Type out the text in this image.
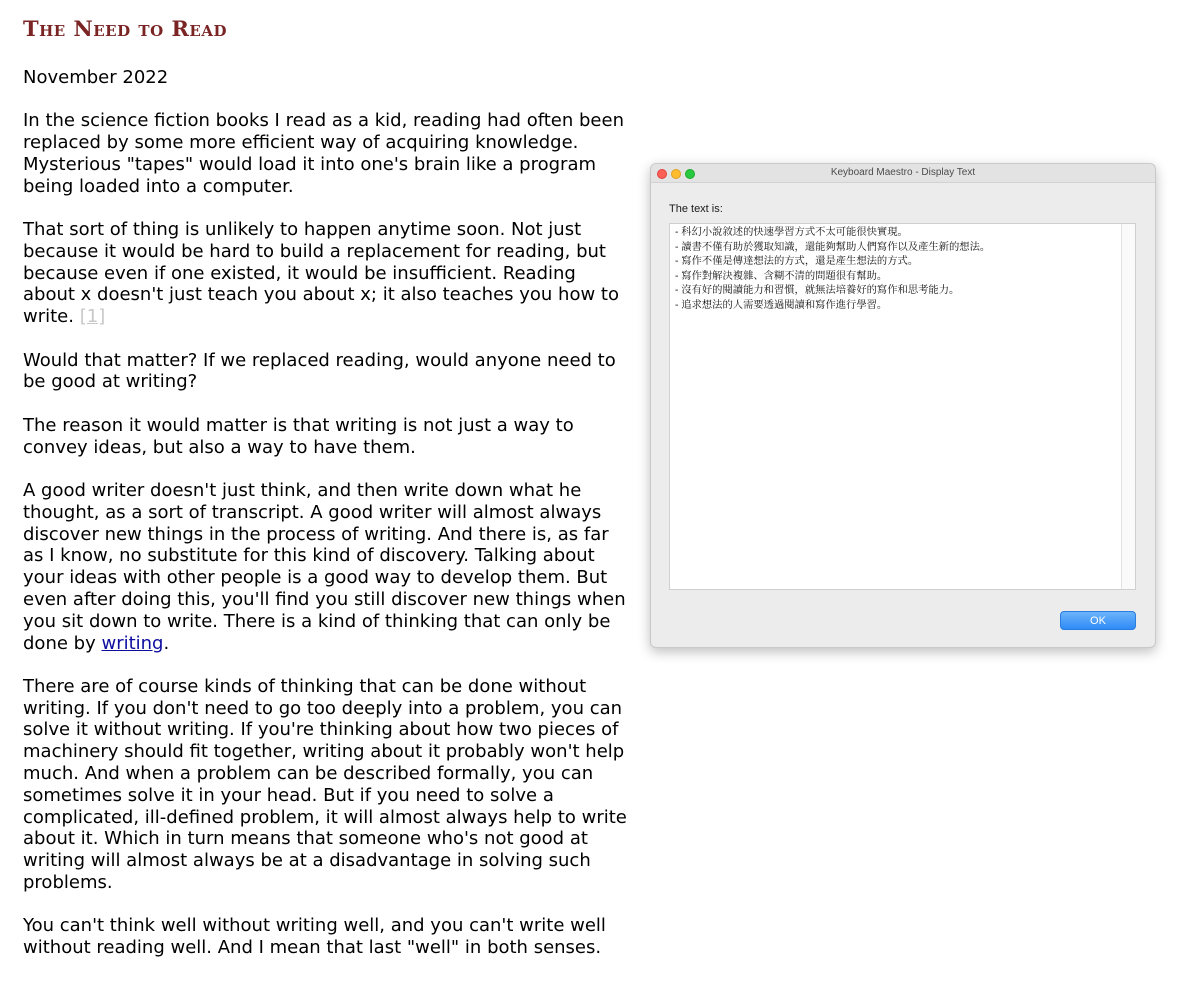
The Need to Read

November 2022

In the science fiction books I read as a kid, reading had often been replaced by some more efficient way of acquiring knowledge. Mysterious "tapes" would load it into one's brain like a program being loaded into a computer.

That sort of thing is unlikely to happen anytime soon. Not just because it would be hard to build a replacement for reading, but because even if one existed, it would be insufficient. Reading about x doesn't just teach you about x; it also teaches you how to write. [1]

Would that matter? If we replaced reading, would anyone need to be good at writing?

The reason it would matter is that writing is not just a way to convey ideas, but also a way to have them.

A good writer doesn't just think, and then write down what he thought, as a sort of transcript. A good writer will almost always discover new things in the process of writing. And there is, as far as I know, no substitute for this kind of discovery. Talking about your ideas with other people is a good way to develop them. But even after doing this, you'll find you still discover new things when you sit down to write. There is a kind of thinking that can only be done by writing.

There are of course kinds of thinking that can be done without writing. If you don't need to go too deeply into a problem, you can solve it without writing. If you're thinking about how two pieces of machinery should fit together, writing about it probably won't help much. And when a problem can be described formally, you can sometimes solve it in your head. But if you need to solve a complicated, ill-defined problem, it will almost always help to write about it. Which in turn means that someone who's not good at writing will almost always be at a disadvantage in solving such problems.

You can't think well without writing well, and you can't write well without reading well. And I mean that last "well" in both senses.

Keyboard Maestro - Display Text
The text is:
- 科幻小說敘述的快速學習方式不太可能很快實現。
- 讀書不僅有助於獲取知識，還能夠幫助人們寫作以及產生新的想法。
- 寫作不僅是傳達想法的方式，還是產生想法的方式。
- 寫作對解決複雜、含糊不清的問題很有幫助。
- 沒有好的閱讀能力和習慣，就無法培養好的寫作和思考能力。
- 追求想法的人需要透過閱讀和寫作進行學習。
OK
